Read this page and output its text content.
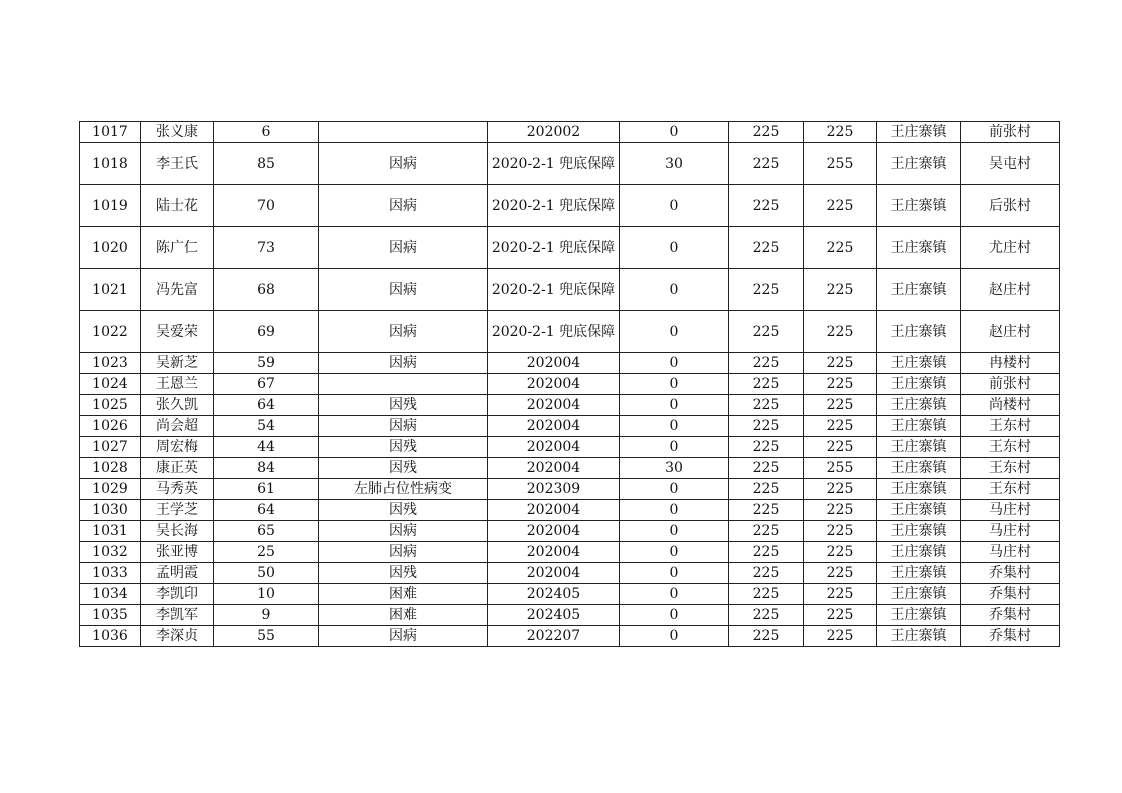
1017	张义康	6		202002	0	225	225	王庄寨镇	前张村
1018	李王氏	85	因病	2020-2-1 兜底保障	30	225	255	王庄寨镇	吴屯村
1019	陆士花	70	因病	2020-2-1 兜底保障	0	225	225	王庄寨镇	后张村
1020	陈广仁	73	因病	2020-2-1 兜底保障	0	225	225	王庄寨镇	尤庄村
1021	冯先富	68	因病	2020-2-1 兜底保障	0	225	225	王庄寨镇	赵庄村
1022	吴爱荣	69	因病	2020-2-1 兜底保障	0	225	225	王庄寨镇	赵庄村
1023	吴新芝	59	因病	202004	0	225	225	王庄寨镇	冉楼村
1024	王恩兰	67		202004	0	225	225	王庄寨镇	前张村
1025	张久凯	64	因残	202004	0	225	225	王庄寨镇	尚楼村
1026	尚会超	54	因病	202004	0	225	225	王庄寨镇	王东村
1027	周宏梅	44	因残	202004	0	225	225	王庄寨镇	王东村
1028	康正英	84	因残	202004	30	225	255	王庄寨镇	王东村
1029	马秀英	61	左肺占位性病变	202309	0	225	225	王庄寨镇	王东村
1030	王学芝	64	因残	202004	0	225	225	王庄寨镇	马庄村
1031	吴长海	65	因病	202004	0	225	225	王庄寨镇	马庄村
1032	张亚博	25	因病	202004	0	225	225	王庄寨镇	马庄村
1033	孟明霞	50	因残	202004	0	225	225	王庄寨镇	乔集村
1034	李凯印	10	困难	202405	0	225	225	王庄寨镇	乔集村
1035	李凯军	9	困难	202405	0	225	225	王庄寨镇	乔集村
1036	李深贞	55	因病	202207	0	225	225	王庄寨镇	乔集村
